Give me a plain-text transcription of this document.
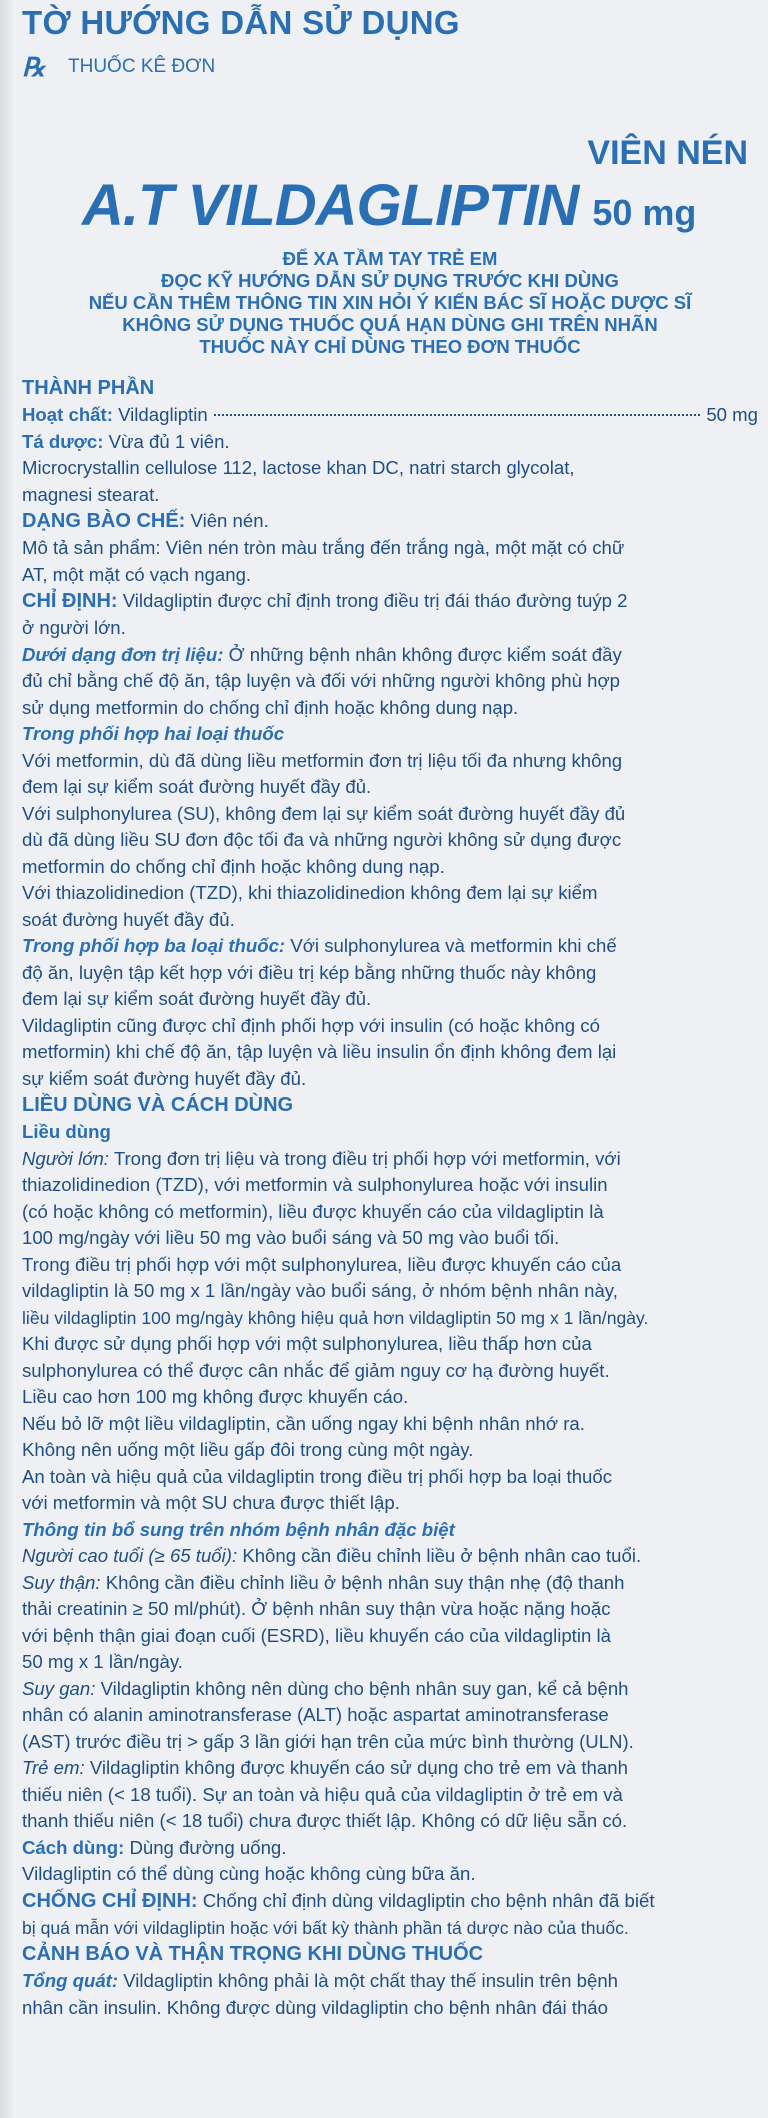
TỜ HƯỚNG DẪN SỬ DỤNG
℞	THUỐC KÊ ĐƠN
VIÊN NÉN
A.T VILDAGLIPTIN 50 mg
ĐỂ XA TẦM TAY TRẺ EM
ĐỌC KỸ HƯỚNG DẪN SỬ DỤNG TRƯỚC KHI DÙNG
NẾU CẦN THÊM THÔNG TIN XIN HỎI Ý KIẾN BÁC SĨ HOẶC DƯỢC SĨ
KHÔNG SỬ DỤNG THUỐC QUÁ HẠN DÙNG GHI TRÊN NHÃN
THUỐC NÀY CHỈ DÙNG THEO ĐƠN THUỐC
THÀNH PHẦN
Hoạt chất:
Vildagliptin	50 mg

Tá dược: Vừa đủ 1 viên.

Microcrystallin cellulose 112, lactose khan DC, natri starch glycolat,

magnesi stearat.

DẠNG BÀO CHẾ: Viên nén.

Mô tả sản phẩm: Viên nén tròn màu trắng đến trắng ngà, một mặt có chữ

AT, một mặt có vạch ngang.

CHỈ ĐỊNH: Vildagliptin được chỉ định trong điều trị đái tháo đường tuýp 2

ở người lớn.

Dưới dạng đơn trị liệu: Ở những bệnh nhân không được kiểm soát đầy

đủ chỉ bằng chế độ ăn, tập luyện và đối với những người không phù hợp

sử dụng metformin do chống chỉ định hoặc không dung nạp.

Trong phối hợp hai loại thuốc

Với metformin, dù đã dùng liều metformin đơn trị liệu tối đa nhưng không

đem lại sự kiểm soát đường huyết đầy đủ.

Với sulphonylurea (SU), không đem lại sự kiểm soát đường huyết đầy đủ

dù đã dùng liều SU đơn độc tối đa và những người không sử dụng được

metformin do chống chỉ định hoặc không dung nạp.

Với thiazolidinedion (TZD), khi thiazolidinedion không đem lại sự kiểm

soát đường huyết đầy đủ.

Trong phối hợp ba loại thuốc: Với sulphonylurea và metformin khi chế

độ ăn, luyện tập kết hợp với điều trị kép bằng những thuốc này không

đem lại sự kiểm soát đường huyết đầy đủ.

Vildagliptin cũng được chỉ định phối hợp với insulin (có hoặc không có

metformin) khi chế độ ăn, tập luyện và liều insulin ổn định không đem lại

sự kiểm soát đường huyết đầy đủ.

LIỀU DÙNG VÀ CÁCH DÙNG

Liều dùng

Người lớn: Trong đơn trị liệu và trong điều trị phối hợp với metformin, với

thiazolidinedion (TZD), với metformin và sulphonylurea hoặc với insulin

(có hoặc không có metformin), liều được khuyến cáo của vildagliptin là

100 mg/ngày với liều 50 mg vào buổi sáng và 50 mg vào buổi tối.

Trong điều trị phối hợp với một sulphonylurea, liều được khuyến cáo của

vildagliptin là 50 mg x 1 lần/ngày vào buổi sáng, ở nhóm bệnh nhân này,

liều vildagliptin 100 mg/ngày không hiệu quả hơn vildagliptin 50 mg x 1 lần/ngày.

Khi được sử dụng phối hợp với một sulphonylurea, liều thấp hơn của

sulphonylurea có thể được cân nhắc để giảm nguy cơ hạ đường huyết.

Liều cao hơn 100 mg không được khuyến cáo.

Nếu bỏ lỡ một liều vildagliptin, cần uống ngay khi bệnh nhân nhớ ra.

Không nên uống một liều gấp đôi trong cùng một ngày.

An toàn và hiệu quả của vildagliptin trong điều trị phối hợp ba loại thuốc

với metformin và một SU chưa được thiết lập.

Thông tin bổ sung trên nhóm bệnh nhân đặc biệt

Người cao tuổi (≥ 65 tuổi): Không cần điều chỉnh liều ở bệnh nhân cao tuổi.

Suy thận: Không cần điều chỉnh liều ở bệnh nhân suy thận nhẹ (độ thanh

thải creatinin ≥ 50 ml/phút). Ở bệnh nhân suy thận vừa hoặc nặng hoặc

với bệnh thận giai đoạn cuối (ESRD), liều khuyến cáo của vildagliptin là

50 mg x 1 lần/ngày.

Suy gan: Vildagliptin không nên dùng cho bệnh nhân suy gan, kể cả bệnh

nhân có alanin aminotransferase (ALT) hoặc aspartat aminotransferase

(AST) trước điều trị > gấp 3 lần giới hạn trên của mức bình thường (ULN).

Trẻ em: Vildagliptin không được khuyến cáo sử dụng cho trẻ em và thanh

thiếu niên (< 18 tuổi). Sự an toàn và hiệu quả của vildagliptin ở trẻ em và

thanh thiếu niên (< 18 tuổi) chưa được thiết lập. Không có dữ liệu sẵn có.

Cách dùng: Dùng đường uống.

Vildagliptin có thể dùng cùng hoặc không cùng bữa ăn.

CHỐNG CHỈ ĐỊNH: Chống chỉ định dùng vildagliptin cho bệnh nhân đã biết

bị quá mẫn với vildagliptin hoặc với bất kỳ thành phần tá dược nào của thuốc.

CẢNH BÁO VÀ THẬN TRỌNG KHI DÙNG THUỐC

Tổng quát: Vildagliptin không phải là một chất thay thế insulin trên bệnh

nhân cần insulin. Không được dùng vildagliptin cho bệnh nhân đái tháo
